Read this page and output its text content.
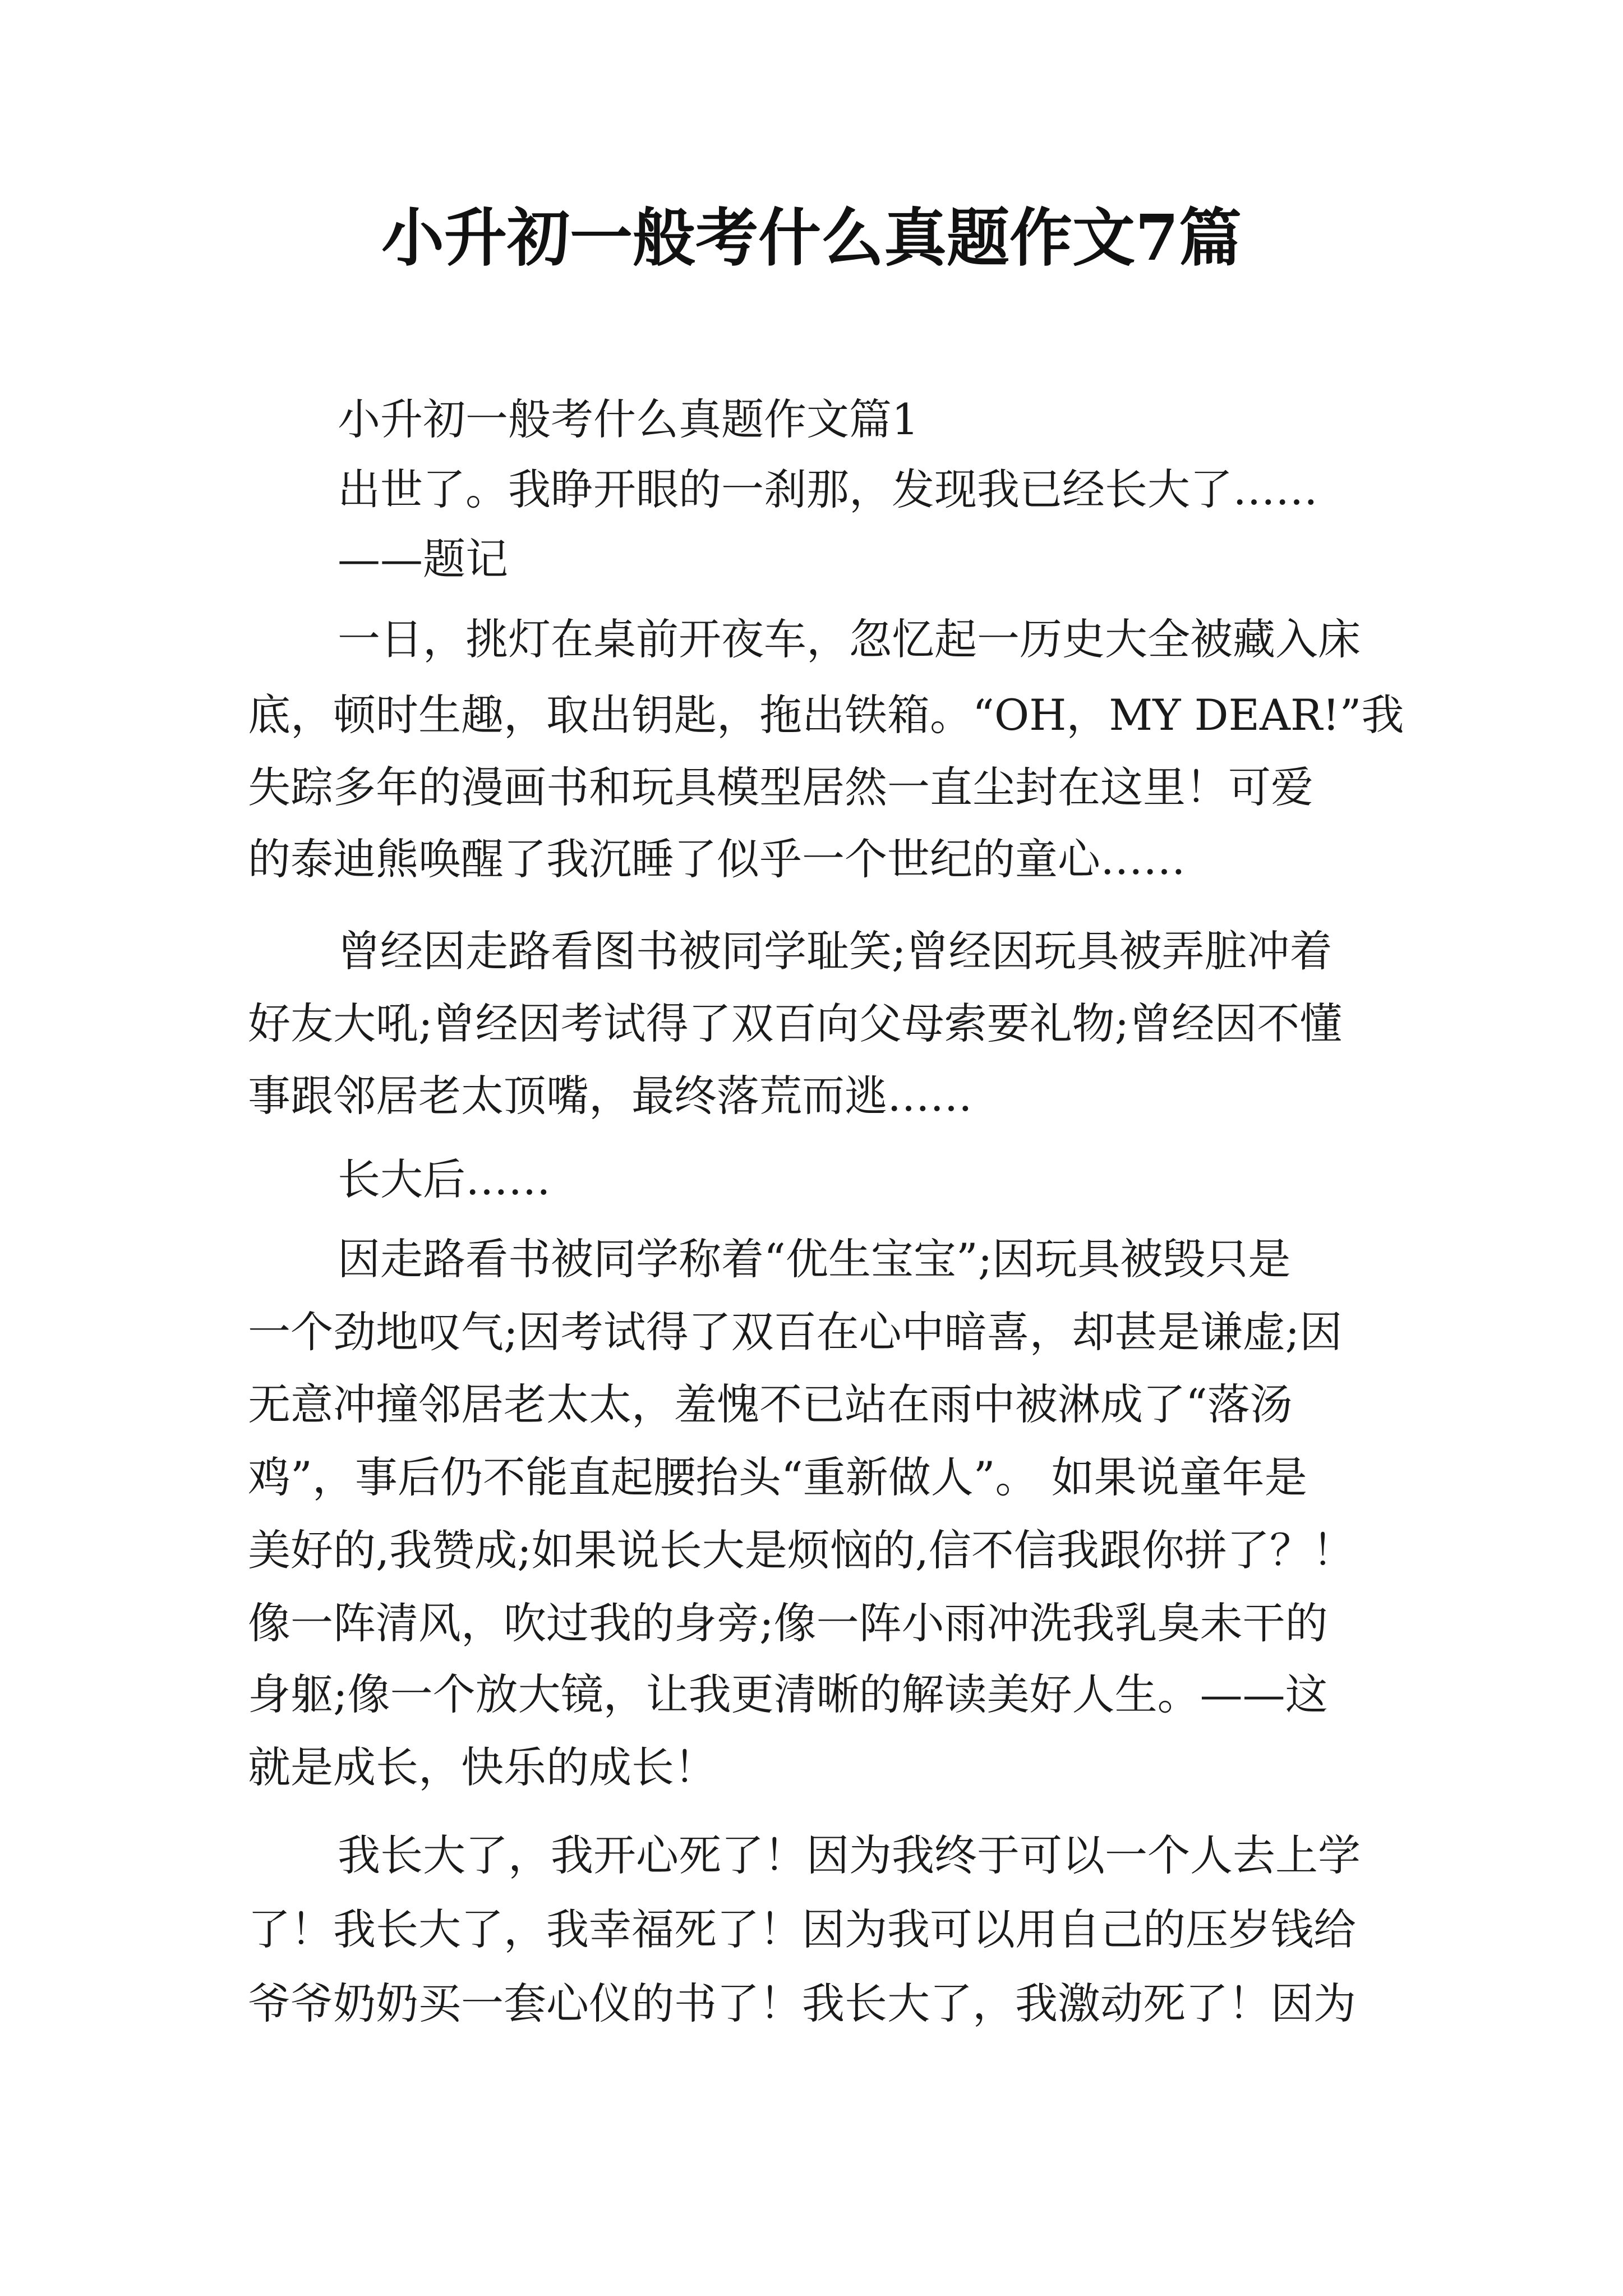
小升初一般考什么真题作文7篇
小升初一般考什么真题作文篇1
出世了。我睁开眼的一刹那，发现我已经长大了……
——题记
一日，挑灯在桌前开夜车，忽忆起一历史大全被藏入床
底，顿时生趣，取出钥匙，拖出铁箱。“OH，MY DEAR!”我
失踪多年的漫画书和玩具模型居然一直尘封在这里！可爱
的泰迪熊唤醒了我沉睡了似乎一个世纪的童心……
曾经因走路看图书被同学耻笑;曾经因玩具被弄脏冲着
好友大吼;曾经因考试得了双百向父母索要礼物;曾经因不懂
事跟邻居老太顶嘴，最终落荒而逃……
长大后……
因走路看书被同学称着“优生宝宝”;因玩具被毁只是
一个劲地叹气;因考试得了双百在心中暗喜，却甚是谦虚;因
无意冲撞邻居老太太，羞愧不已站在雨中被淋成了“落汤
鸡”，事后仍不能直起腰抬头“重新做人”。 如果说童年是
美好的,我赞成;如果说长大是烦恼的,信不信我跟你拼了？！
像一阵清风，吹过我的身旁;像一阵小雨冲洗我乳臭未干的
身躯;像一个放大镜，让我更清晰的解读美好人生。——这
就是成长，快乐的成长！
我长大了，我开心死了！因为我终于可以一个人去上学
了！我长大了，我幸福死了！因为我可以用自己的压岁钱给
爷爷奶奶买一套心仪的书了！我长大了，我激动死了！因为
